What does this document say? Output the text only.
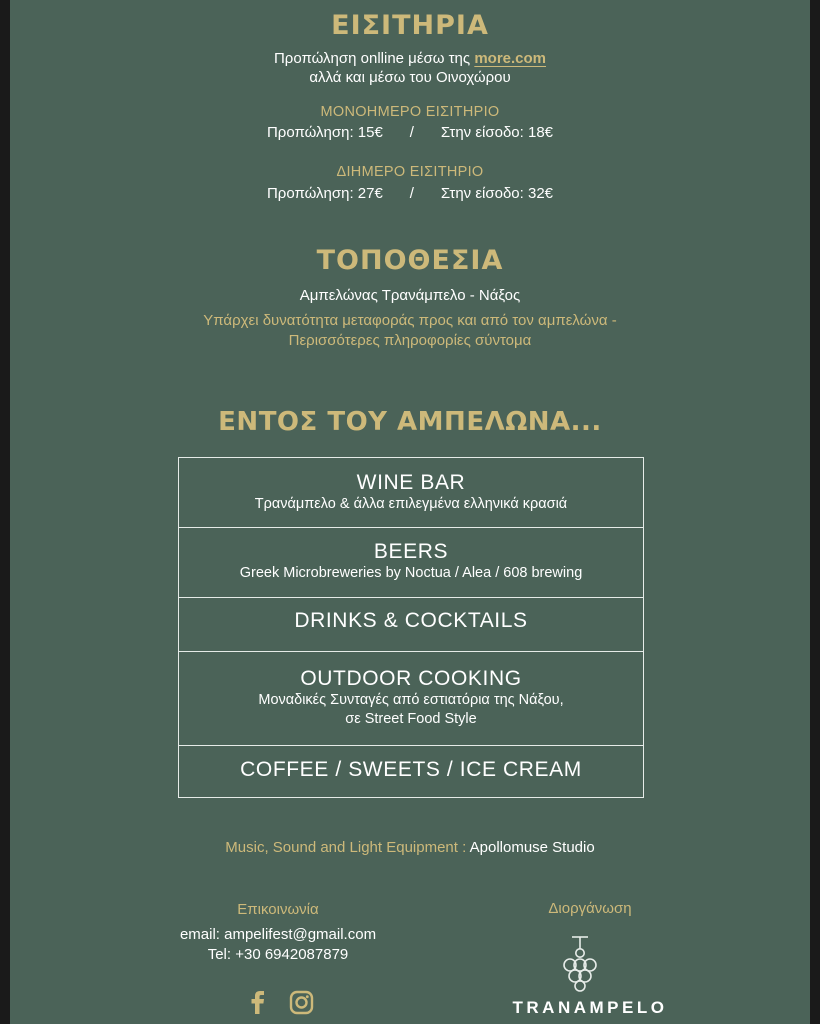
ΕΙΣΙΤΗΡΙΑ
Προπώληση onlline μέσω της more.com
αλλά και μέσω του Οινοχώρου
ΜΟΝΟΗΜΕΡΟ ΕΙΣΙΤΗΡΙΟ
Προπώληση: 15€ / Στην είσοδο: 18€
ΔΙΗΜΕΡΟ ΕΙΣΙΤΗΡΙΟ
Προπώληση: 27€ / Στην είσοδο: 32€
ΤΟΠΟΘΕΣΙΑ
Αμπελώνας Τρανάμπελο - Νάξος
Υπάρχει δυνατότητα μεταφοράς προς και από τον αμπελώνα -
Περισσότερες πληροφορίες σύντομα
ΕΝΤΟΣ ΤΟΥ ΑΜΠΕΛΩΝΑ...
WINE BAR
Τρανάμπελο & άλλα επιλεγμένα ελληνικά κρασιά
BEERS
Greek Microbreweries by Noctua / Alea / 608 brewing
DRINKS & COCKTAILS
OUTDOOR COOKING
Μοναδικές Συνταγές από εστιατόρια της Νάξου,
σε Street Food Style
COFFEE / SWEETS / ICE CREAM
Music, Sound and Light Equipment : Apollomuse Studio
Επικοινωνία
email: ampelifest@gmail.com
Tel: +30 6942087879
Διοργάνωση
TRANAMPELO
